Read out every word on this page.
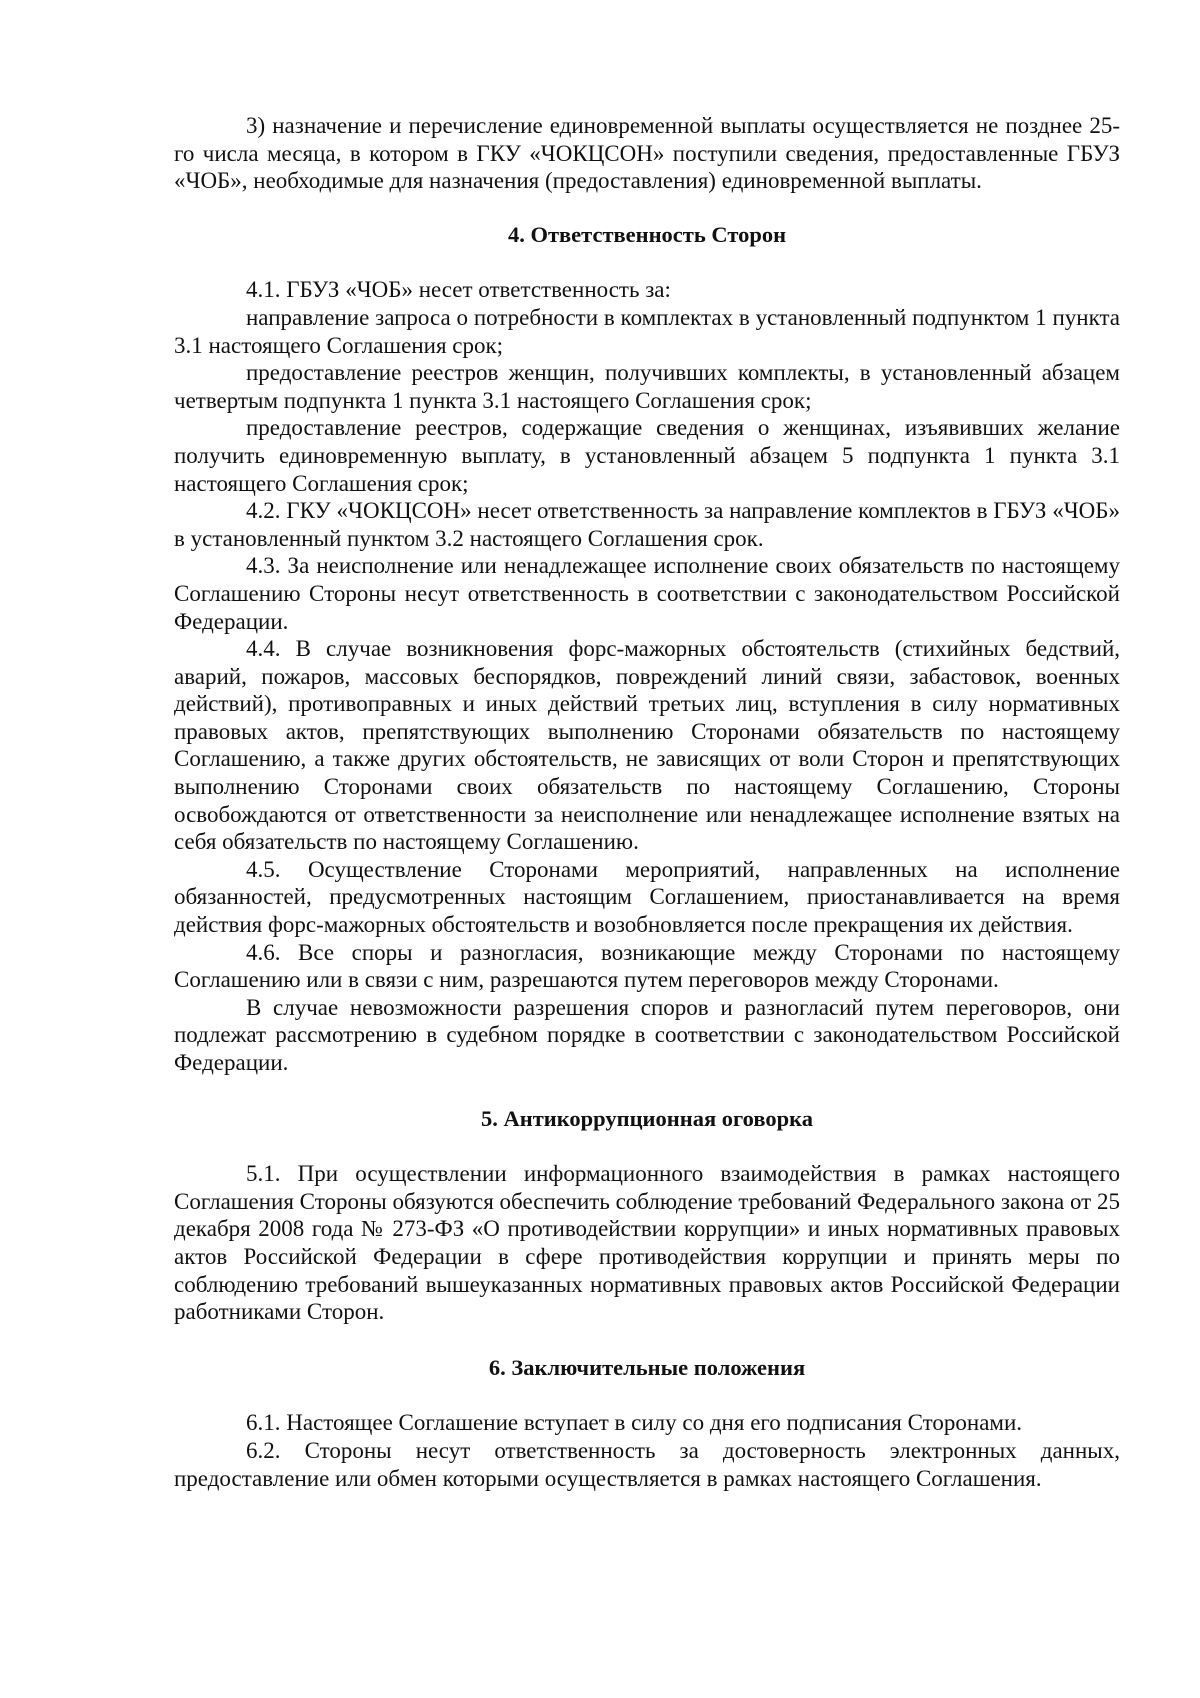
3) назначение и перечисление единовременной выплаты осуществляется не позднее 25-го числа месяца, в котором в ГКУ «ЧОКЦСОН» поступили сведения, предоставленные ГБУЗ «ЧОБ», необходимые для назначения (предоставления) единовременной выплаты.

4. Ответственность Сторон

4.1. ГБУЗ «ЧОБ» несет ответственность за:

направление запроса о потребности в комплектах в установленный подпунктом 1 пункта 3.1 настоящего Соглашения срок;

предоставление реестров женщин, получивших комплекты, в установленный абзацем четвертым подпункта 1 пункта 3.1 настоящего Соглашения срок;

предоставление реестров, содержащие сведения о женщинах, изъявивших желание получить единовременную выплату, в установленный абзацем 5 подпункта 1 пункта 3.1 настоящего Соглашения срок;

4.2. ГКУ «ЧОКЦСОН» несет ответственность за направление комплектов в ГБУЗ «ЧОБ» в установленный пунктом 3.2 настоящего Соглашения срок.

4.3. За неисполнение или ненадлежащее исполнение своих обязательств по настоящему Соглашению Стороны несут ответственность в соответствии с законодательством Российской Федерации.

4.4. В случае возникновения форс-мажорных обстоятельств (стихийных бедствий, аварий, пожаров, массовых беспорядков, повреждений линий связи, забастовок, военных действий), противоправных и иных действий третьих лиц, вступления в силу нормативных правовых актов, препятствующих выполнению Сторонами обязательств по настоящему Соглашению, а также других обстоятельств, не зависящих от воли Сторон и препятствующих выполнению Сторонами своих обязательств по настоящему Соглашению, Стороны освобождаются от ответственности за неисполнение или ненадлежащее исполнение взятых на себя обязательств по настоящему Соглашению.

4.5. Осуществление Сторонами мероприятий, направленных на исполнение обязанностей, предусмотренных настоящим Соглашением, приостанавливается на время действия форс-мажорных обстоятельств и возобновляется после прекращения их действия.

4.6. Все споры и разногласия, возникающие между Сторонами по настоящему Соглашению или в связи с ним, разрешаются путем переговоров между Сторонами.

В случае невозможности разрешения споров и разногласий путем переговоров, они подлежат рассмотрению в судебном порядке в соответствии с законодательством Российской Федерации.

5. Антикоррупционная оговорка

5.1. При осуществлении информационного взаимодействия в рамках настоящего Соглашения Стороны обязуются обеспечить соблюдение требований Федерального закона от 25 декабря 2008 года № 273-ФЗ «О противодействии коррупции» и иных нормативных правовых актов Российской Федерации в сфере противодействия коррупции и принять меры по соблюдению требований вышеуказанных нормативных правовых актов Российской Федерации работниками Сторон.

6. Заключительные положения

6.1. Настоящее Соглашение вступает в силу со дня его подписания Сторонами.

6.2. Стороны несут ответственность за достоверность электронных данных, предоставление или обмен которыми осуществляется в рамках настоящего Соглашения.
